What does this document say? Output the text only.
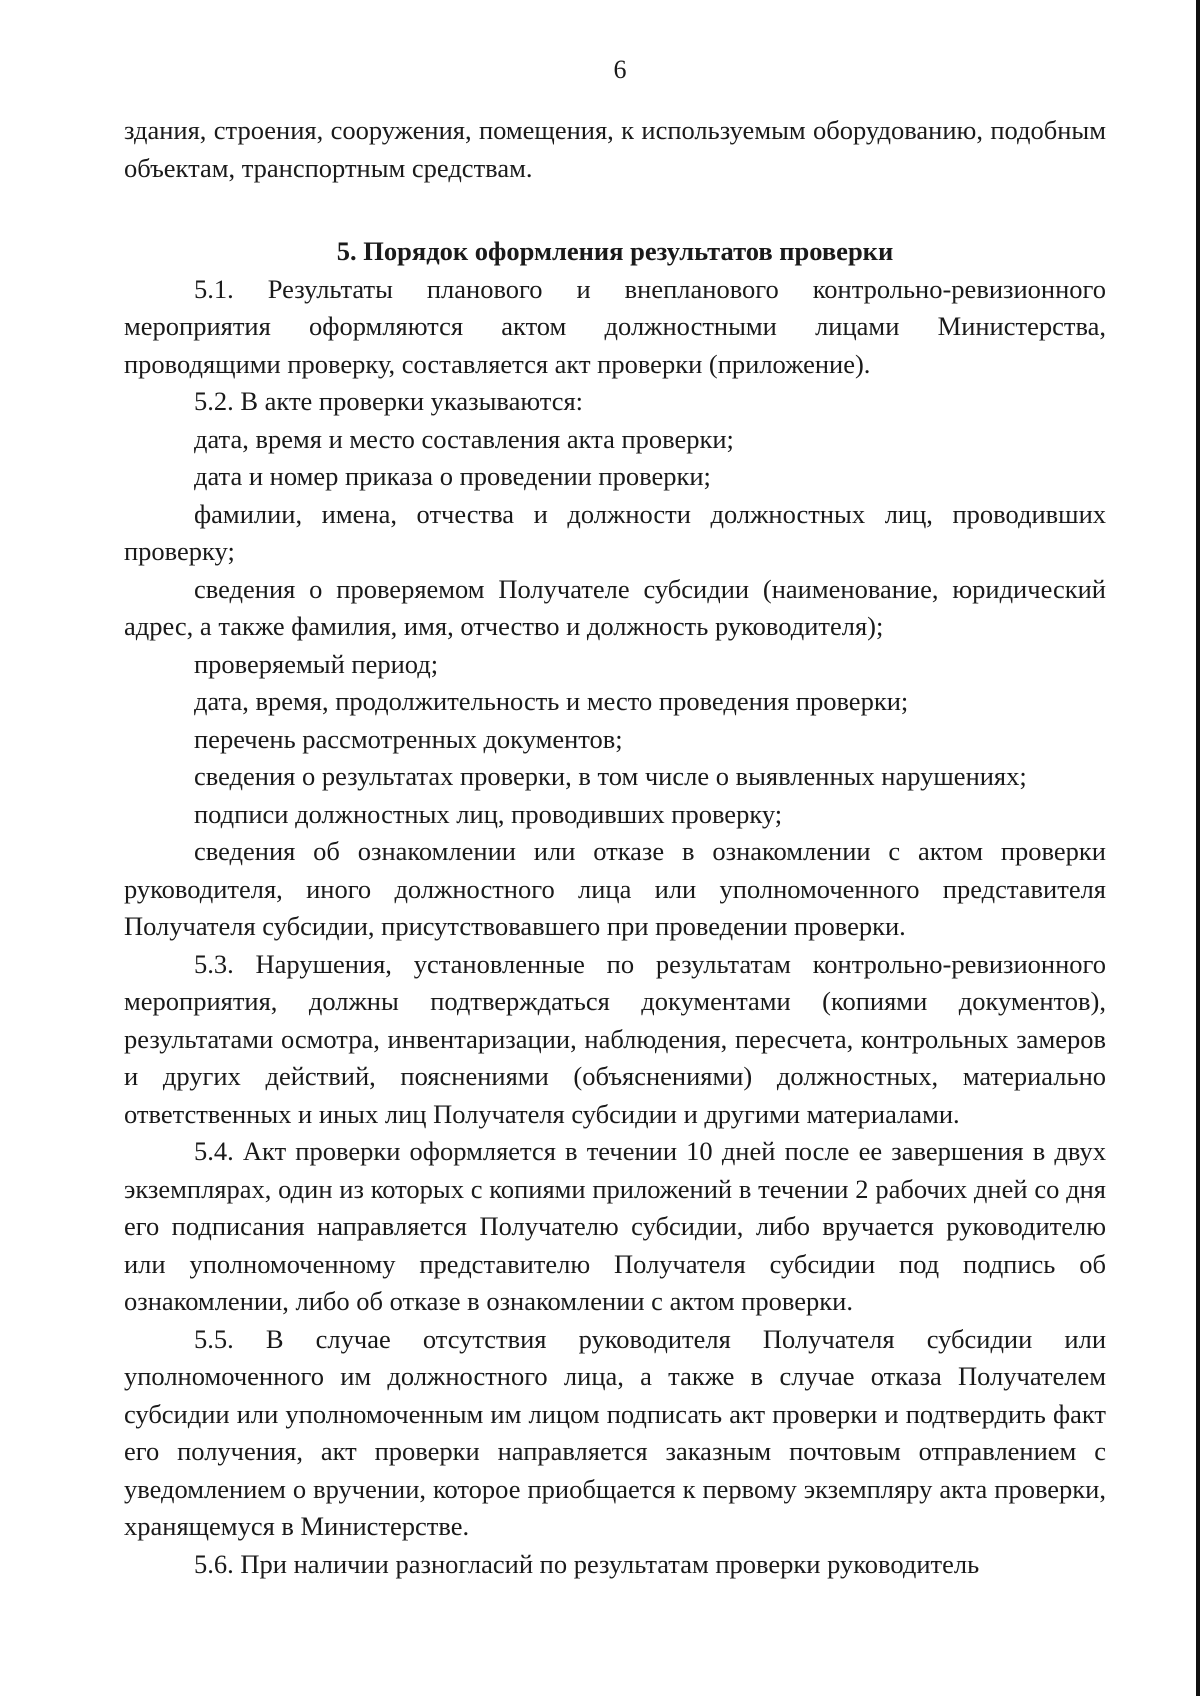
6

здания, строения, сооружения, помещения, к используемым оборудованию, подобным объектам, транспортным средствам.

5. Порядок оформления результатов проверки

5.1. Результаты планового и внепланового контрольно-ревизионного мероприятия оформляются актом должностными лицами Министерства, проводящими проверку, составляется акт проверки (приложение).

5.2. В акте проверки указываются:

дата, время и место составления акта проверки;

дата и номер приказа о проведении проверки;

фамилии, имена, отчества и должности должностных лиц, проводивших проверку;

сведения о проверяемом Получателе субсидии (наименование, юридический адрес, а также фамилия, имя, отчество и должность руководителя);

проверяемый период;

дата, время, продолжительность и место проведения проверки;

перечень рассмотренных документов;

сведения о результатах проверки, в том числе о выявленных нарушениях;

подписи должностных лиц, проводивших проверку;

сведения об ознакомлении или отказе в ознакомлении с актом проверки руководителя, иного должностного лица или уполномоченного представителя Получателя субсидии, присутствовавшего при проведении проверки.

5.3. Нарушения, установленные по результатам контрольно-ревизионного мероприятия, должны подтверждаться документами (копиями документов), результатами осмотра, инвентаризации, наблюдения, пересчета, контрольных замеров и других действий, пояснениями (объяснениями) должностных, материально ответственных и иных лиц Получателя субсидии и другими материалами.

5.4. Акт проверки оформляется в течении 10 дней после ее завершения в двух экземплярах, один из которых с копиями приложений в течении 2 рабочих дней со дня его подписания направляется Получателю субсидии, либо вручается руководителю или уполномоченному представителю Получателя субсидии под подпись об ознакомлении, либо об отказе в ознакомлении с актом проверки.

5.5. В случае отсутствия руководителя Получателя субсидии или уполномоченного им должностного лица, а также в случае отказа Получателем субсидии или уполномоченным им лицом подписать акт проверки и подтвердить факт его получения, акт проверки направляется заказным почтовым отправлением с уведомлением о вручении, которое приобщается к первому экземпляру акта проверки, хранящемуся в Министерстве.

5.6. При наличии разногласий по результатам проверки руководитель
